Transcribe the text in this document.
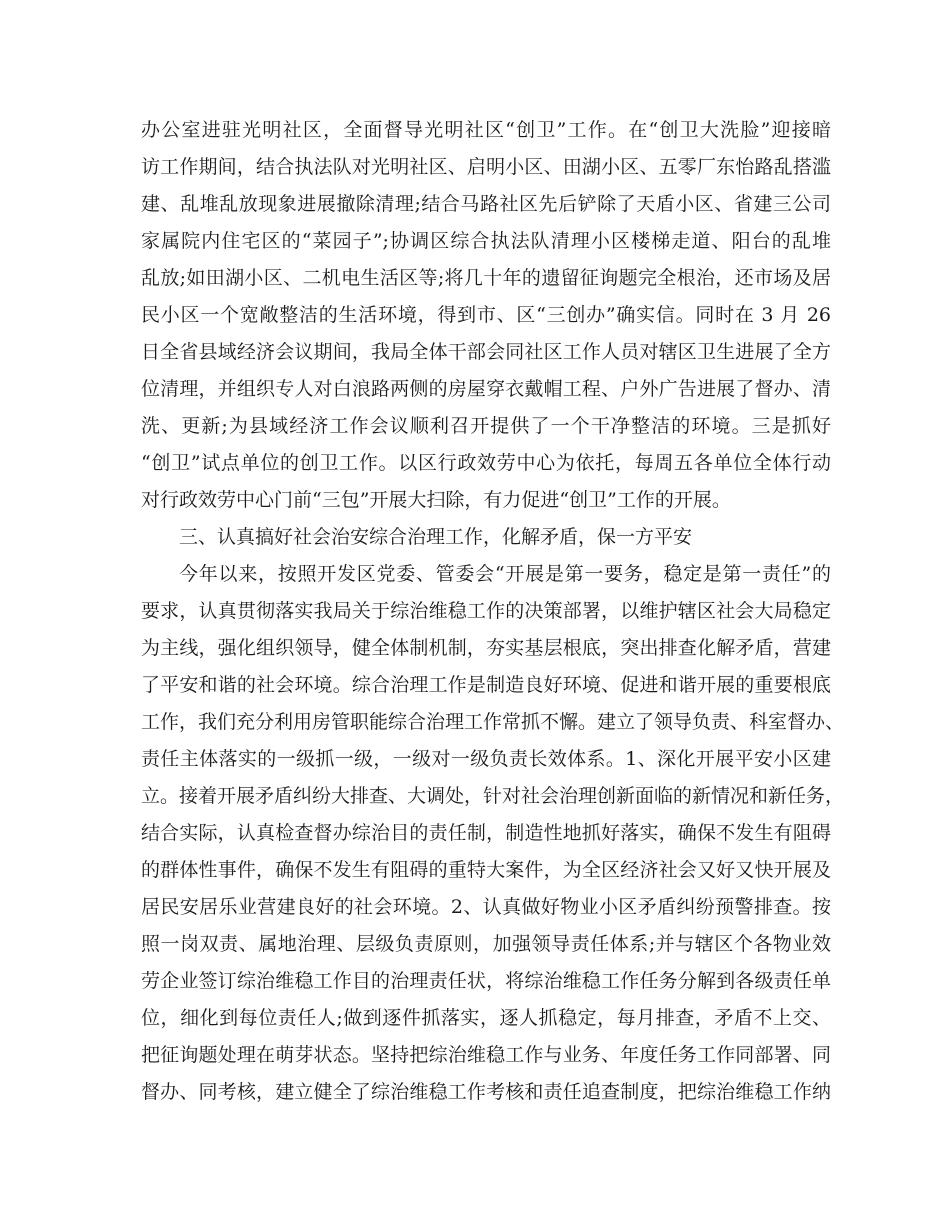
办公室进驻光明社区，全面督导光明社区“创卫”工作。在“创卫大洗脸”迎接暗
访工作期间，结合执法队对光明社区、启明小区、田湖小区、五零厂东怡路乱搭滥
建、乱堆乱放现象进展撤除清理;结合马路社区先后铲除了天盾小区、省建三公司
家属院内住宅区的“菜园子”;协调区综合执法队清理小区楼梯走道、阳台的乱堆
乱放;如田湖小区、二机电生活区等;将几十年的遗留征询题完全根治，还市场及居
民小区一个宽敞整洁的生活环境，得到市、区“三创办”确实信。同时在 3 月 26
日全省县域经济会议期间，我局全体干部会同社区工作人员对辖区卫生进展了全方
位清理，并组织专人对白浪路两侧的房屋穿衣戴帽工程、户外广告进展了督办、清
洗、更新;为县域经济工作会议顺利召开提供了一个干净整洁的环境。三是抓好
“创卫”试点单位的创卫工作。以区行政效劳中心为依托，每周五各单位全体行动
对行政效劳中心门前“三包”开展大扫除，有力促进“创卫”工作的开展。
三、认真搞好社会治安综合治理工作，化解矛盾，保一方平安
今年以来，按照开发区党委、管委会“开展是第一要务，稳定是第一责任”的
要求，认真贯彻落实我局关于综治维稳工作的决策部署，以维护辖区社会大局稳定
为主线，强化组织领导，健全体制机制，夯实基层根底，突出排查化解矛盾，营建
了平安和谐的社会环境。综合治理工作是制造良好环境、促进和谐开展的重要根底
工作，我们充分利用房管职能综合治理工作常抓不懈。建立了领导负责、科室督办、
责任主体落实的一级抓一级，一级对一级负责长效体系。1、深化开展平安小区建
立。接着开展矛盾纠纷大排查、大调处，针对社会治理创新面临的新情况和新任务，
结合实际，认真检查督办综治目的责任制，制造性地抓好落实，确保不发生有阻碍
的群体性事件，确保不发生有阻碍的重特大案件，为全区经济社会又好又快开展及
居民安居乐业营建良好的社会环境。2、认真做好物业小区矛盾纠纷预警排查。按
照一岗双责、属地治理、层级负责原则，加强领导责任体系;并与辖区个各物业效
劳企业签订综治维稳工作目的治理责任状，将综治维稳工作任务分解到各级责任单
位，细化到每位责任人;做到逐件抓落实，逐人抓稳定，每月排查，矛盾不上交、
把征询题处理在萌芽状态。坚持把综治维稳工作与业务、年度任务工作同部署、同
督办、同考核，建立健全了综治维稳工作考核和责任追查制度，把综治维稳工作纳
